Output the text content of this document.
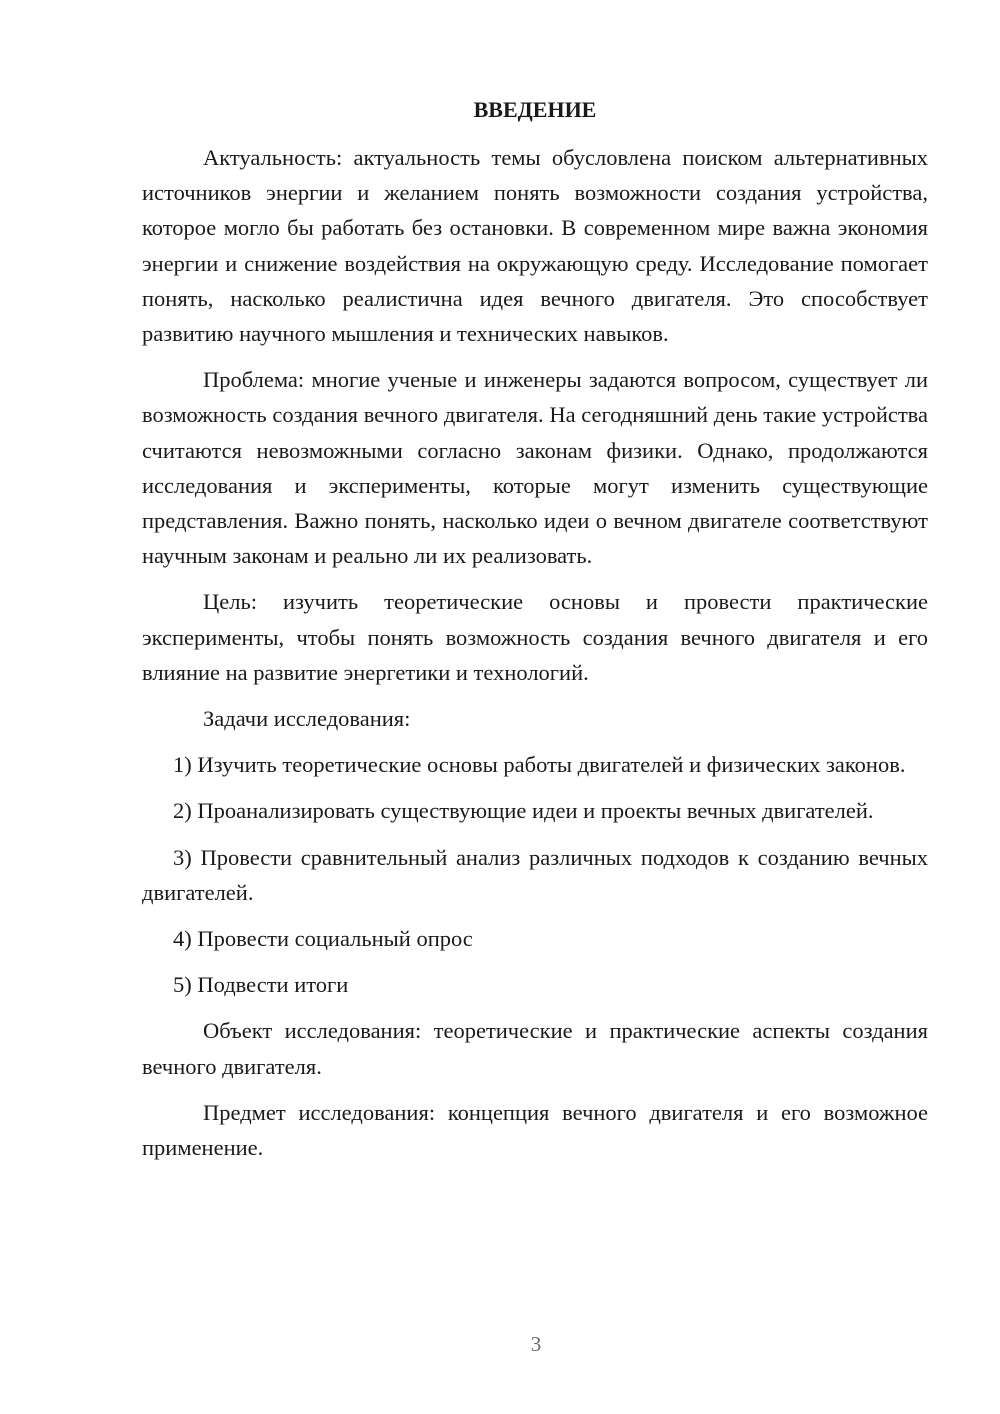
ВВЕДЕНИЕ

Актуальность: актуальность темы обусловлена поиском альтернативных источников энергии и желанием понять возможности создания устройства, которое могло бы работать без остановки. В современном мире важна экономия энергии и снижение воздействия на окружающую среду. Исследование помогает понять, насколько реалистична идея вечного двигателя. Это способствует развитию научного мышления и технических навыков.

Проблема: многие ученые и инженеры задаются вопросом, существует ли возможность создания вечного двигателя. На сегодняшний день такие устройства считаются невозможными согласно законам физики. Однако, продолжаются исследования и эксперименты, которые могут изменить существующие представления. Важно понять, насколько идеи о вечном двигателе соответствуют научным законам и реально ли их реализовать.

Цель: изучить теоретические основы и провести практические эксперименты, чтобы понять возможность создания вечного двигателя и его влияние на развитие энергетики и технологий.

Задачи исследования:

1) Изучить теоретические основы работы двигателей и физических законов.

2) Проанализировать существующие идеи и проекты вечных двигателей.

3) Провести сравнительный анализ различных подходов к созданию вечных двигателей.

4) Провести социальный опрос

5) Подвести итоги

Объект исследования: теоретические и практические аспекты создания вечного двигателя.

Предмет исследования: концепция вечного двигателя и его возможное применение.

3
